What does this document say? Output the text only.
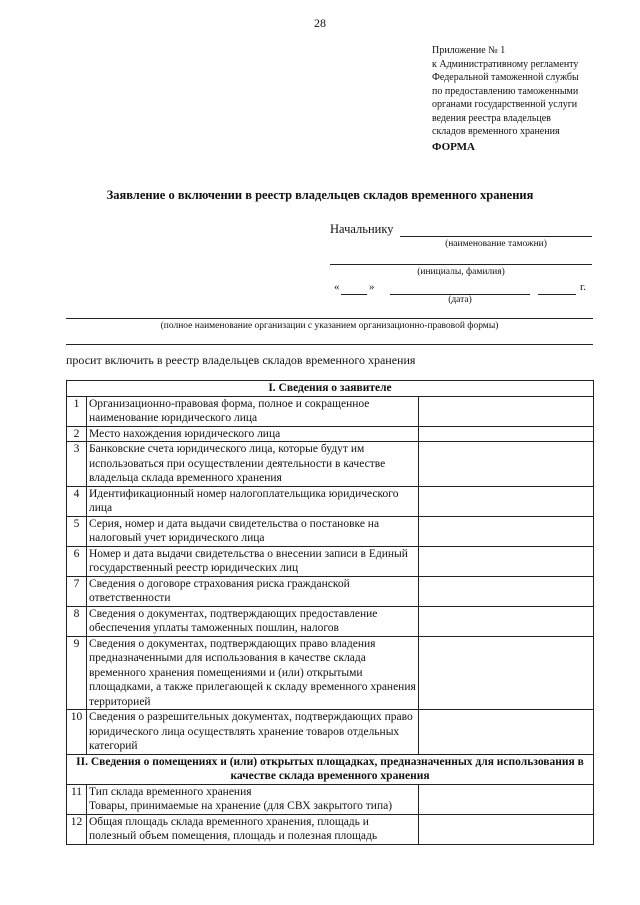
28
Приложение № 1
к Административному регламенту
Федеральной таможенной службы
по предоставлению таможенными
органами государственной услуги
ведения реестра владельцев
складов временного хранения
ФОРМА
Заявление о включении в реестр владельцев складов временного хранения
Начальнику
(наименование таможни)
(инициалы, фамилия)
«	»	г.
(дата)
(полное наименование организации с указанием организационно-правовой формы)
просит включить в реестр владельцев складов временного хранения
I. Сведения о заявителе		
1	Организационно-правовая форма, полное и сокращенное наименование юридического лица	
2	Место нахождения юридического лица	
3	Банковские счета юридического лица, которые будут им использоваться при осуществлении деятельности в качестве владельца склада временного хранения	
4	Идентификационный номер налогоплательщика юридического лица	
5	Серия, номер и дата выдачи свидетельства о постановке на налоговый учет юридического лица	
6	Номер и дата выдачи свидетельства о внесении записи в Единый государственный реестр юридических лиц	
7	Сведения о договоре страхования риска гражданской ответственности	
8	Сведения о документах, подтверждающих предоставление обеспечения уплаты таможенных пошлин, налогов	
9	Сведения о документах, подтверждающих право владения предназначенными для использования в качестве склада временного хранения помещениями и (или) открытыми площадками, а также прилегающей к складу временного хранения территорией	
10	Сведения о разрешительных документах, подтверждающих право юридического лица осуществлять хранение товаров отдельных категорий	
II. Сведения о помещениях и (или) открытых площадках, предназначенных для использования в качестве склада временного хранения		
11	Тип склада временного хранения
Товары, принимаемые на хранение (для СВХ закрытого типа)	

12	Общая площадь склада временного хранения, площадь и полезный объем помещения, площадь и полезная площадь	
